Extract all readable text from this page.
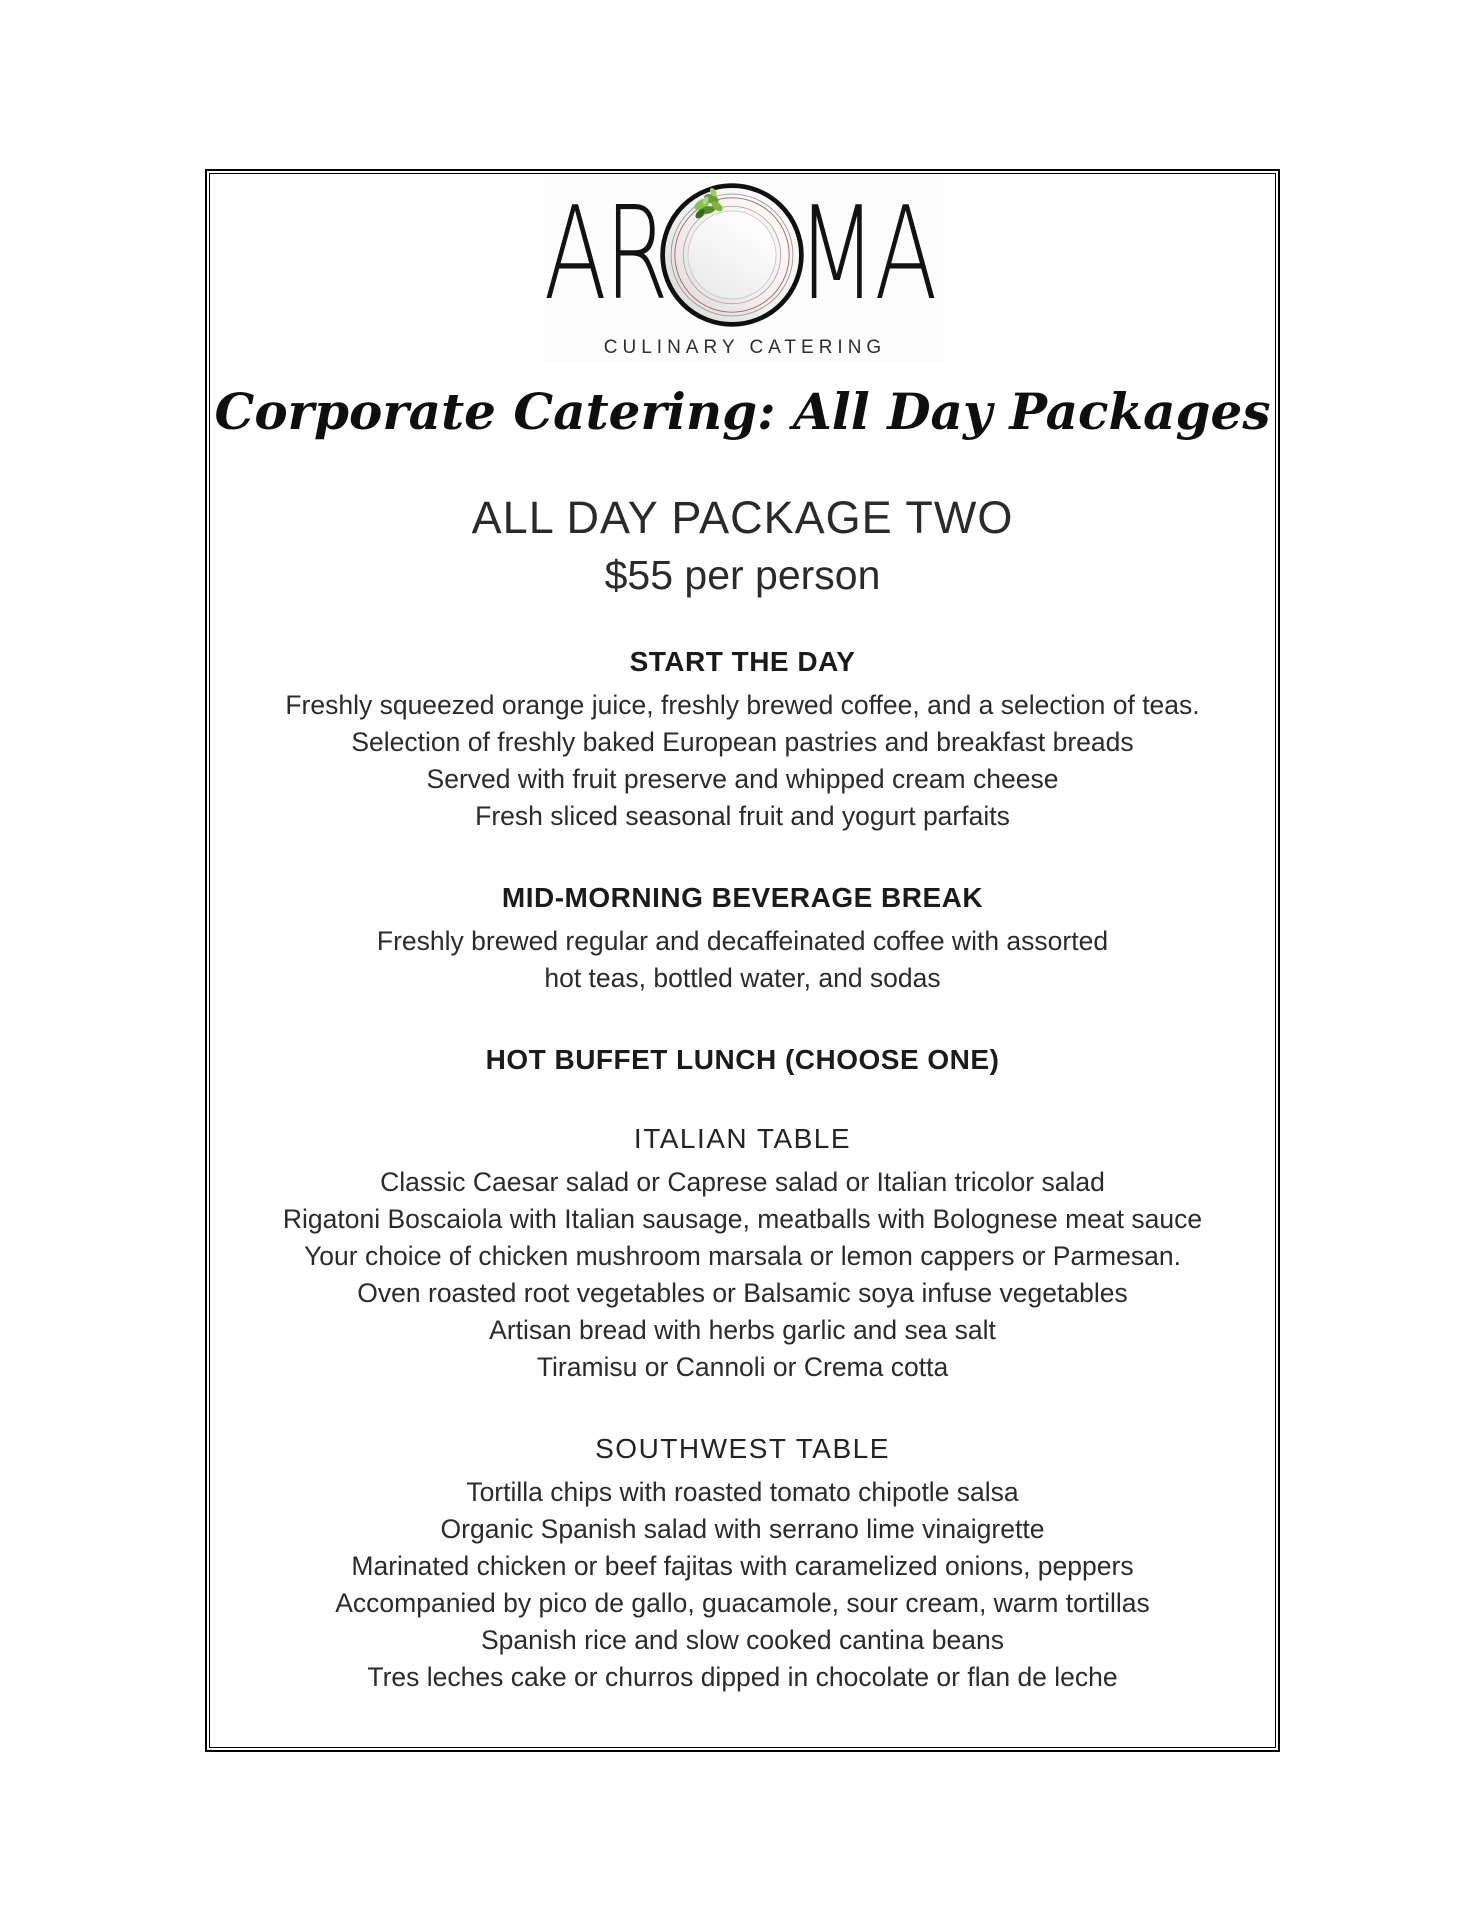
AR MA
CULINARY CATERING
Corporate Catering: All Day Packages
ALL DAY PACKAGE TWO
$55 per person
START THE DAY

Freshly squeezed orange juice, freshly brewed coffee, and a selection of teas.

Selection of freshly baked European pastries and breakfast breads

Served with fruit preserve and whipped cream cheese

Fresh sliced seasonal fruit and yogurt parfaits

MID-MORNING BEVERAGE BREAK

Freshly brewed regular and decaffeinated coffee with assorted

hot teas, bottled water, and sodas

HOT BUFFET LUNCH (CHOOSE ONE)
ITALIAN TABLE

Classic Caesar salad or Caprese salad or Italian tricolor salad

Rigatoni Boscaiola with Italian sausage, meatballs with Bolognese meat sauce

Your choice of chicken mushroom marsala or lemon cappers or Parmesan.

Oven roasted root vegetables or Balsamic soya infuse vegetables

Artisan bread with herbs garlic and sea salt

Tiramisu or Cannoli or Crema cotta

SOUTHWEST TABLE

Tortilla chips with roasted tomato chipotle salsa

Organic Spanish salad with serrano lime vinaigrette

Marinated chicken or beef fajitas with caramelized onions, peppers

Accompanied by pico de gallo, guacamole, sour cream, warm tortillas

Spanish rice and slow cooked cantina beans

Tres leches cake or churros dipped in chocolate or flan de leche
